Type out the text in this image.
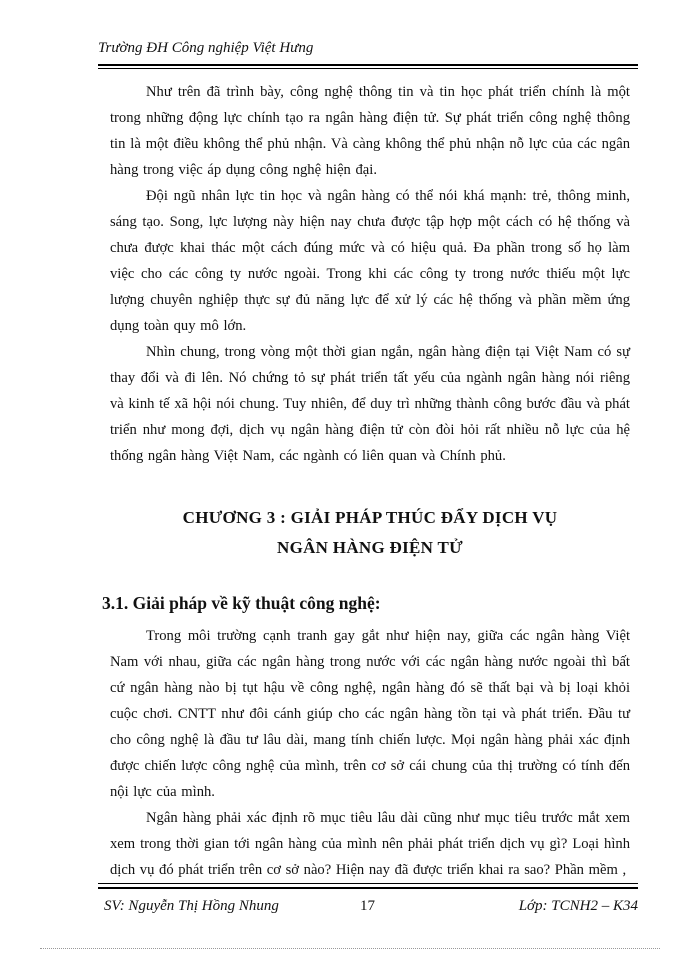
Trường ĐH Công nghiệp Việt Hưng

Như trên đã trình bày, công nghệ thông tin và tin học phát triển chính là một trong những động lực chính tạo ra ngân hàng điện tử. Sự phát triển công nghệ thông tin là một điều không thể phủ nhận. Và càng không thể phủ nhận nỗ lực của các ngân hàng trong việc áp dụng công nghệ hiện đại.

Đội ngũ nhân lực tin học và ngân hàng có thể nói khá mạnh: trẻ, thông minh, sáng tạo. Song, lực lượng này hiện nay chưa được tập hợp một cách có hệ thống và chưa được khai thác một cách đúng mức và có hiệu quả. Đa phần trong số họ làm việc cho các công ty nước ngoài. Trong khi các công ty trong nước thiếu một lực lượng chuyên nghiệp thực sự đủ năng lực để xử lý các hệ thống và phần mềm ứng dụng toàn quy mô lớn.

Nhìn chung, trong vòng một thời gian ngắn, ngân hàng điện tại Việt Nam có sự thay đổi và đi lên. Nó chứng tỏ sự phát triển tất yếu của ngành ngân hàng nói riêng và kinh tế xã hội nói chung. Tuy nhiên, để duy trì những thành công bước đầu và phát triển như mong đợi, dịch vụ ngân hàng điện tử còn đòi hỏi rất nhiều nỗ lực của hệ thống ngân hàng Việt Nam, các ngành có liên quan và Chính phủ.

CHƯƠNG 3 : GIẢI PHÁP THÚC ĐẨY DỊCH VỤ
NGÂN HÀNG ĐIỆN TỬ
3.1. Giải pháp về kỹ thuật công nghệ:

Trong môi trường cạnh tranh gay gắt như hiện nay, giữa các ngân hàng Việt Nam với nhau, giữa các ngân hàng trong nước với các ngân hàng nước ngoài thì bất cứ ngân hàng nào bị tụt hậu về công nghệ, ngân hàng đó sẽ thất bại và bị loại khỏi cuộc chơi. CNTT như đôi cánh giúp cho các ngân hàng tồn tại và phát triển. Đầu tư cho công nghệ là đầu tư lâu dài, mang tính chiến lược. Mọi ngân hàng phải xác định được chiến lược công nghệ của mình, trên cơ sở cái chung của thị trường có tính đến nội lực của mình.

Ngân hàng phải xác định rõ mục tiêu lâu dài cũng như mục tiêu trước mắt xem xem trong thời gian tới ngân hàng của mình nên phải phát triển dịch vụ gì? Loại hình dịch vụ đó phát triển trên cơ sở nào? Hiện nay đã được triển khai ra sao? Phần mềm ,

SV: Nguyễn Thị Hồng Nhung	17	Lớp: TCNH2 – K34
